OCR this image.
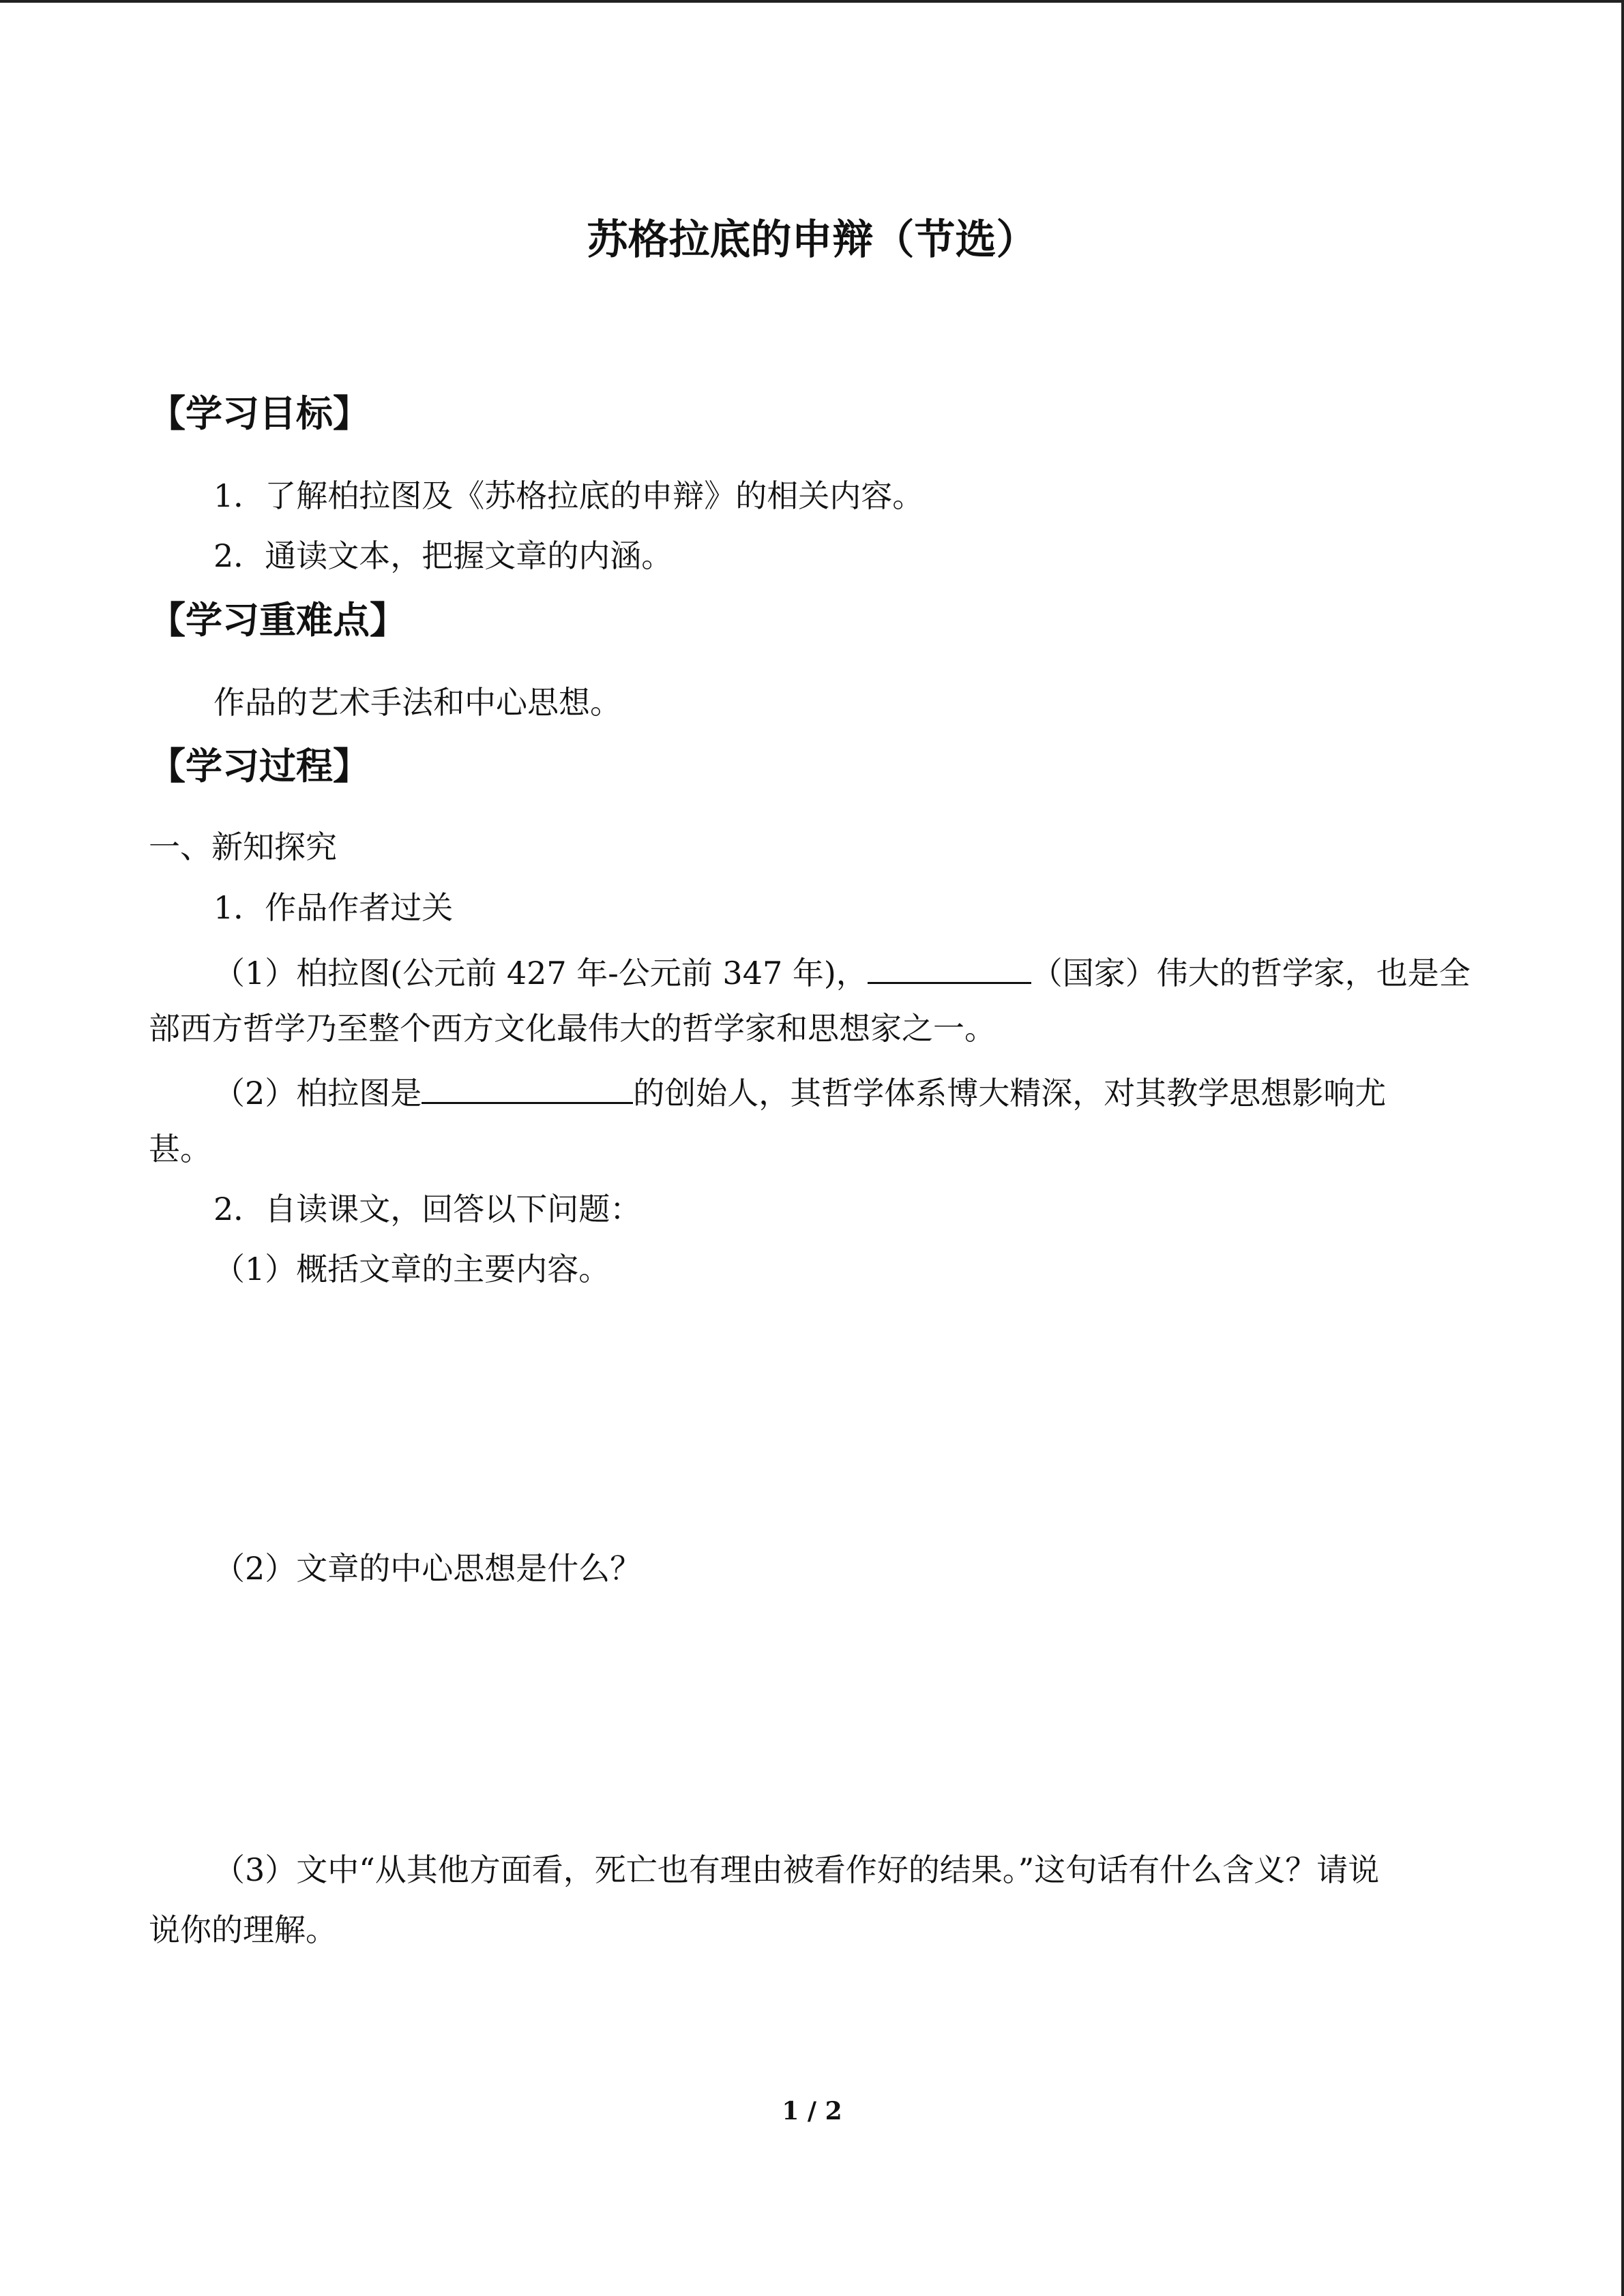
苏格拉底的申辩（节选）
【学习目标】
1．了解柏拉图及《苏格拉底的申辩》的相关内容。
2．通读文本，把握文章的内涵。
【学习重难点】
作品的艺术手法和中心思想。
【学习过程】
一、新知探究
1．作品作者过关
（1）柏拉图(公元前 427 年-公元前 347 年)，	（国家）伟大的哲学家，也是全
部西方哲学乃至整个西方文化最伟大的哲学家和思想家之一。
（2）柏拉图是	的创始人，其哲学体系博大精深，对其教学思想影响尤
甚。
2．自读课文，回答以下问题：
（1）概括文章的主要内容。
（2）文章的中心思想是什么？
（3）文中“从其他方面看，死亡也有理由被看作好的结果。”这句话有什么含义？请说
说你的理解。
1 / 2
